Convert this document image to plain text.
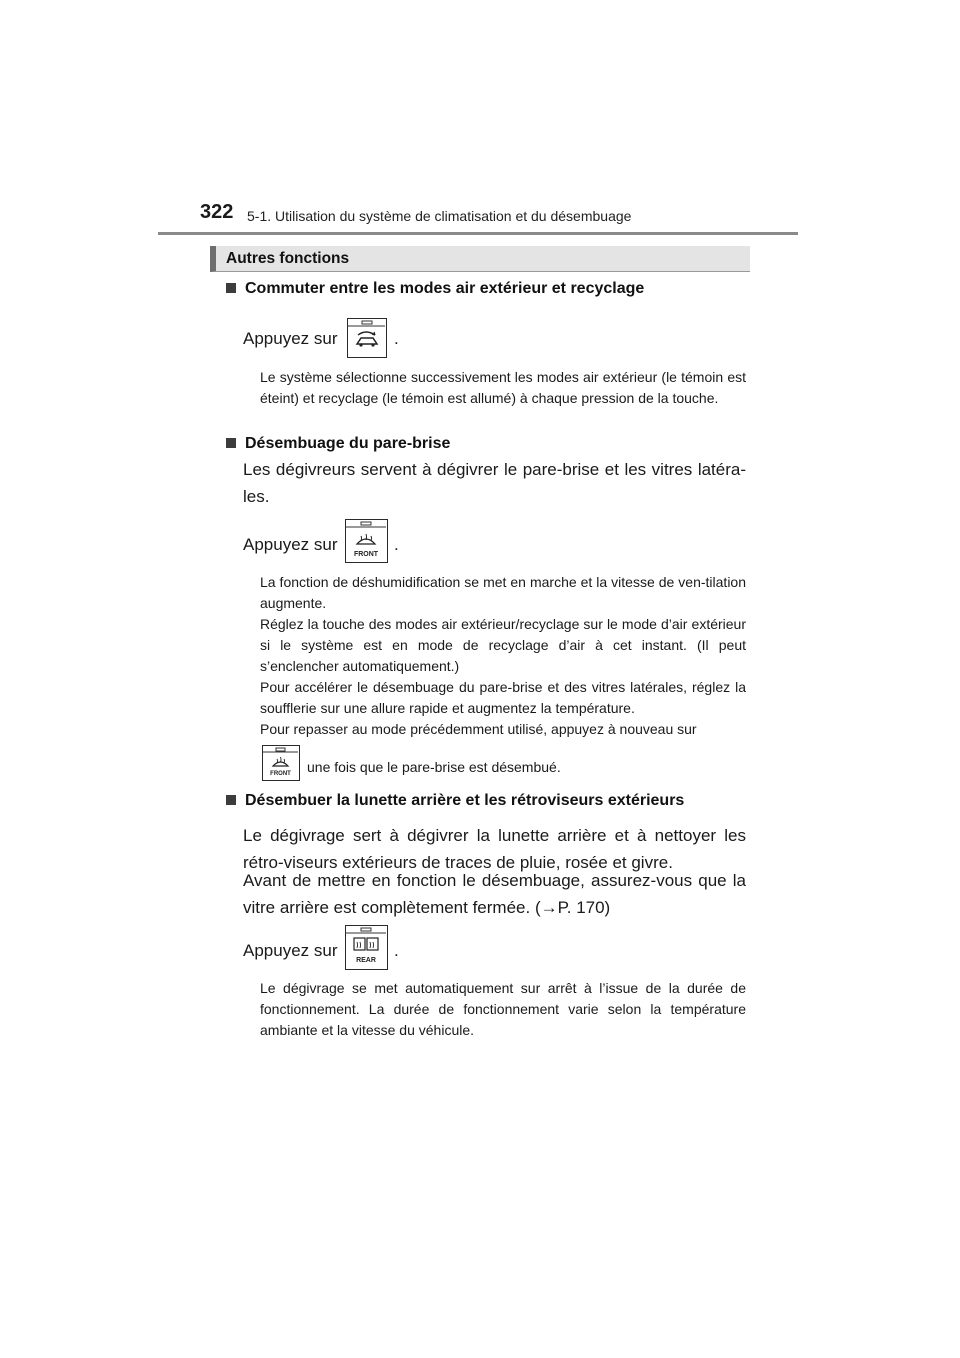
322 5-1. Utilisation du système de climatisation et du désembuage
Autres fonctions
Commuter entre les modes air extérieur et recyclage
Appuyez sur	.
Le système sélectionne successivement les modes air extérieur (le témoin est éteint) et recyclage (le témoin est allumé) à chaque pression de la touche.
Désembuage du pare-brise
Les dégivreurs servent à dégivrer le pare-brise et les vitres latéra-les.
Appuyez sur
FRONT
.
La fonction de déshumidification se met en marche et la vitesse de ven-tilation augmente.
Réglez la touche des modes air extérieur/recyclage sur le mode d’air extérieur si le système est en mode de recyclage d’air à cet instant. (Il peut s’enclencher automatiquement.)
Pour accélérer le désembuage du pare-brise et des vitres latérales, réglez la soufflerie sur une allure rapide et augmentez la température.
Pour repasser au mode précédemment utilisé, appuyez à nouveau sur
FRONT une fois que le pare-brise est désembué.
Désembuer la lunette arrière et les rétroviseurs extérieurs
Le dégivrage sert à dégivrer la lunette arrière et à nettoyer les rétro-viseurs extérieurs de traces de pluie, rosée et givre.
Avant de mettre en fonction le désembuage, assurez-vous que la vitre arrière est complètement fermée. (→P. 170)
Appuyez sur
REAR
.
Le dégivrage se met automatiquement sur arrêt à l’issue de la durée de fonctionnement. La durée de fonctionnement varie selon la température ambiante et la vitesse du véhicule.
